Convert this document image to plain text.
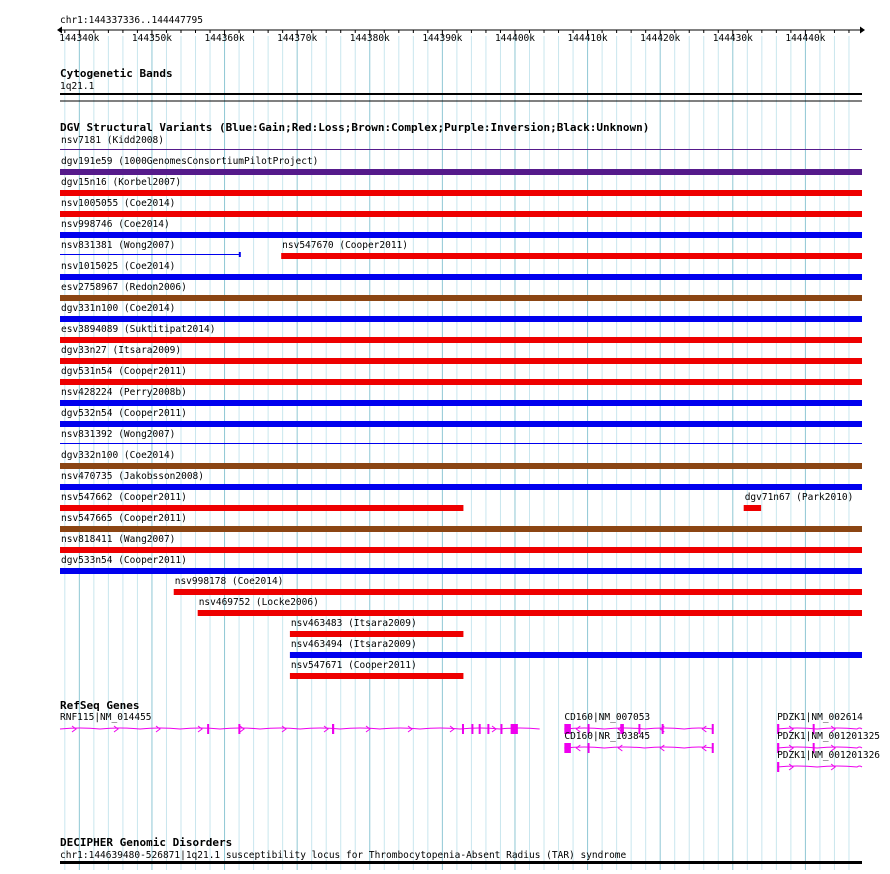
chr1:144337336..144447795
Cytogenetic Bands
1q21.1
DGV Structural Variants (Blue:Gain;Red:Loss;Brown:Complex;Purple:Inversion;Black:Unknown)
RefSeq Genes
DECIPHER Genomic Disorders
chr1:144639480-526871|1q21.1 susceptibility locus for Thrombocytopenia-Absent Radius (TAR) syndrome
144340k	144350k	144360k	144370k	144380k	144390k	144400k	144410k	144420k	144430k	144440k
nsv7181 (Kidd2008)
dgv191e59 (1000GenomesConsortiumPilotProject)
dgv15n16 (Korbel2007)
nsv1005055 (Coe2014)
nsv998746 (Coe2014)
nsv831381 (Wong2007)	nsv547670 (Cooper2011)
nsv1015025 (Coe2014)
esv2758967 (Redon2006)
dgv331n100 (Coe2014)
esv3894089 (Suktitipat2014)
dgv33n27 (Itsara2009)
dgv531n54 (Cooper2011)
nsv428224 (Perry2008b)
dgv532n54 (Cooper2011)
nsv831392 (Wong2007)
dgv332n100 (Coe2014)
nsv470735 (Jakobsson2008)
nsv547662 (Cooper2011)	dgv71n67 (Park2010)
nsv547665 (Cooper2011)
nsv818411 (Wang2007)
dgv533n54 (Cooper2011)
nsv998178 (Coe2014)
nsv469752 (Locke2006)
nsv463483 (Itsara2009)
nsv463494 (Itsara2009)
nsv547671 (Cooper2011)
RNF115|NM_014455	CD160|NM_007053
CD160|NR_103845
PDZK1|NM_002614
PDZK1|NM_001201325
PDZK1|NM_001201326
